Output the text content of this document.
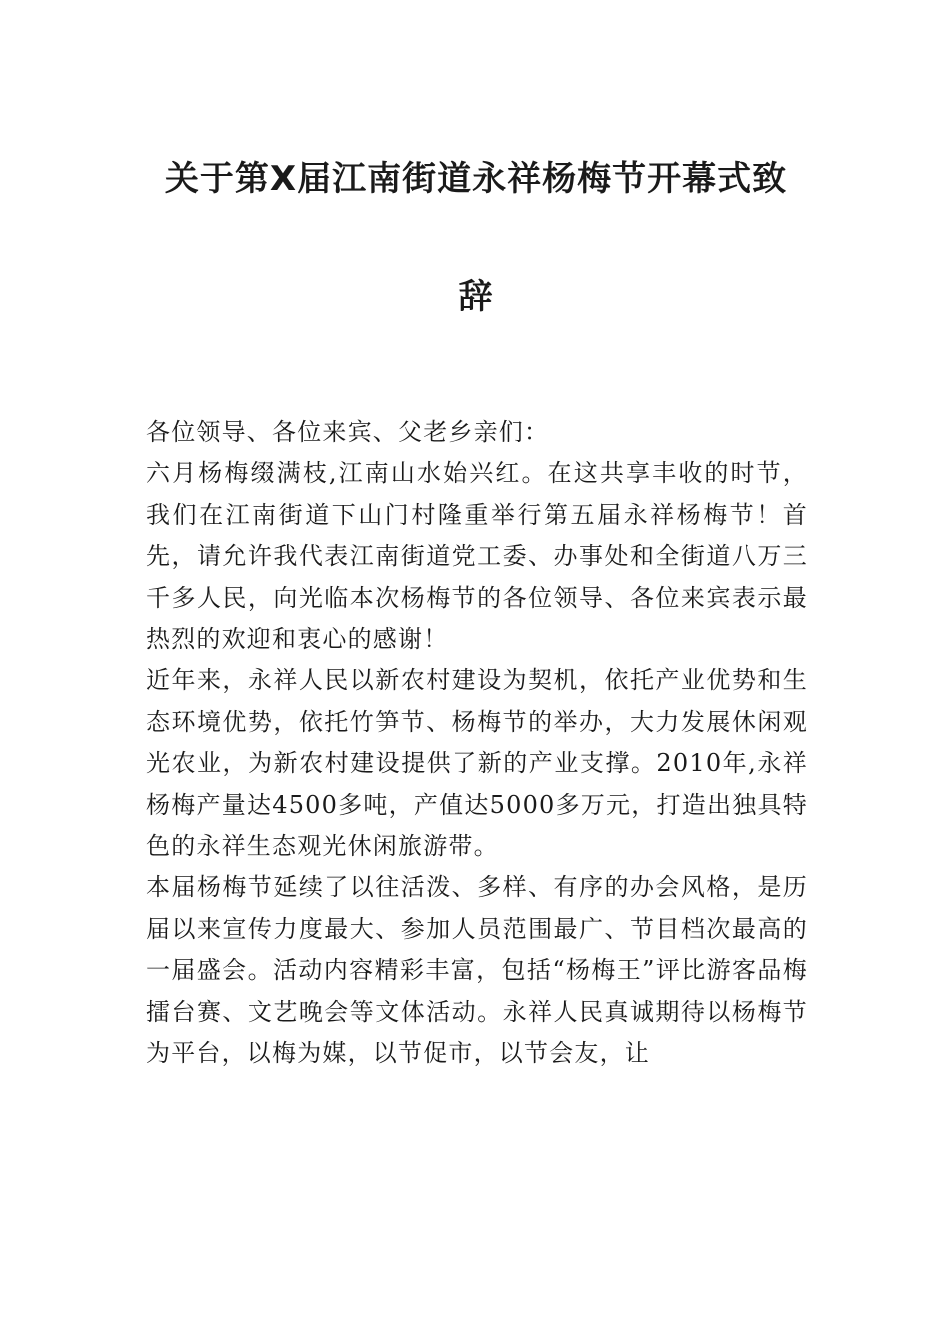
关于第X届江南街道永祥杨梅节开幕式致
辞

各位领导、各位来宾、父老乡亲们：

六月杨梅缀满枝,江南山水始兴红。在这共享丰收的时节，我们在江南街道下山门村隆重举行第五届永祥杨梅节！首先，请允许我代表江南街道党工委、办事处和全街道八万三千多人民，向光临本次杨梅节的各位领导、各位来宾表示最热烈的欢迎和衷心的感谢！

近年来，永祥人民以新农村建设为契机，依托产业优势和生态环境优势，依托竹笋节、杨梅节的举办，大力发展休闲观光农业，为新农村建设提供了新的产业支撑。2010年,永祥杨梅产量达4500多吨，产值达5000多万元，打造出独具特色的永祥生态观光休闲旅游带。

本届杨梅节延续了以往活泼、多样、有序的办会风格，是历届以来宣传力度最大、参加人员范围最广、节目档次最高的一届盛会。活动内容精彩丰富，包括“杨梅王”评比游客品梅擂台赛、文艺晚会等文体活动。永祥人民真诚期待以杨梅节为平台，以梅为媒，以节促市，以节会友，让
